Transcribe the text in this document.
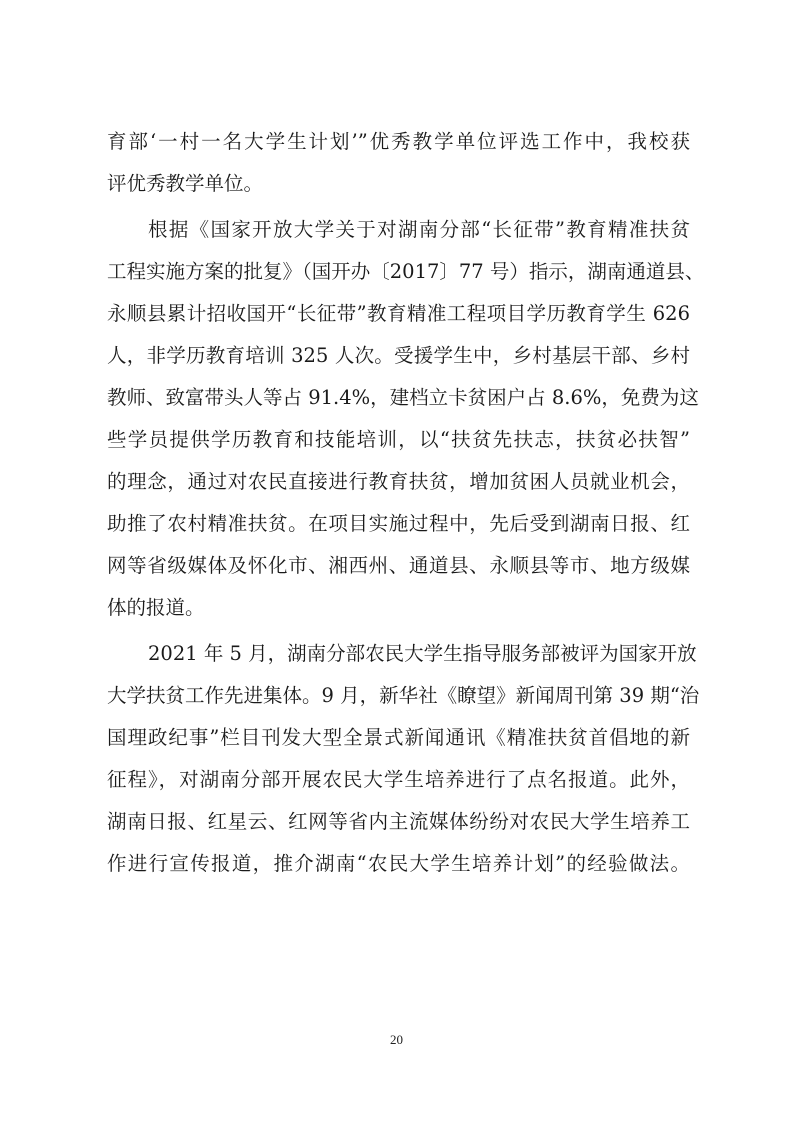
育部‘一村一名大学生计划’”优秀教学单位评选工作中，我校获
评优秀教学单位。
根据《国家开放大学关于对湖南分部“长征带”教育精准扶贫
工程实施方案的批复》（国开办〔2017〕77 号）指示，湖南通道县、
永顺县累计招收国开“长征带”教育精准工程项目学历教育学生 626
人，非学历教育培训 325 人次。受援学生中，乡村基层干部、乡村
教师、致富带头人等占 91.4%，建档立卡贫困户占 8.6%，免费为这
些学员提供学历教育和技能培训，以“扶贫先扶志，扶贫必扶智”
的理念，通过对农民直接进行教育扶贫，增加贫困人员就业机会，
助推了农村精准扶贫。在项目实施过程中，先后受到湖南日报、红
网等省级媒体及怀化市、湘西州、通道县、永顺县等市、地方级媒
体的报道。
2021 年 5 月，湖南分部农民大学生指导服务部被评为国家开放
大学扶贫工作先进集体。9 月，新华社《瞭望》新闻周刊第 39 期“治
国理政纪事”栏目刊发大型全景式新闻通讯《精准扶贫首倡地的新
征程》，对湖南分部开展农民大学生培养进行了点名报道。此外，
湖南日报、红星云、红网等省内主流媒体纷纷对农民大学生培养工
作进行宣传报道，推介湖南“农民大学生培养计划”的经验做法。
20
